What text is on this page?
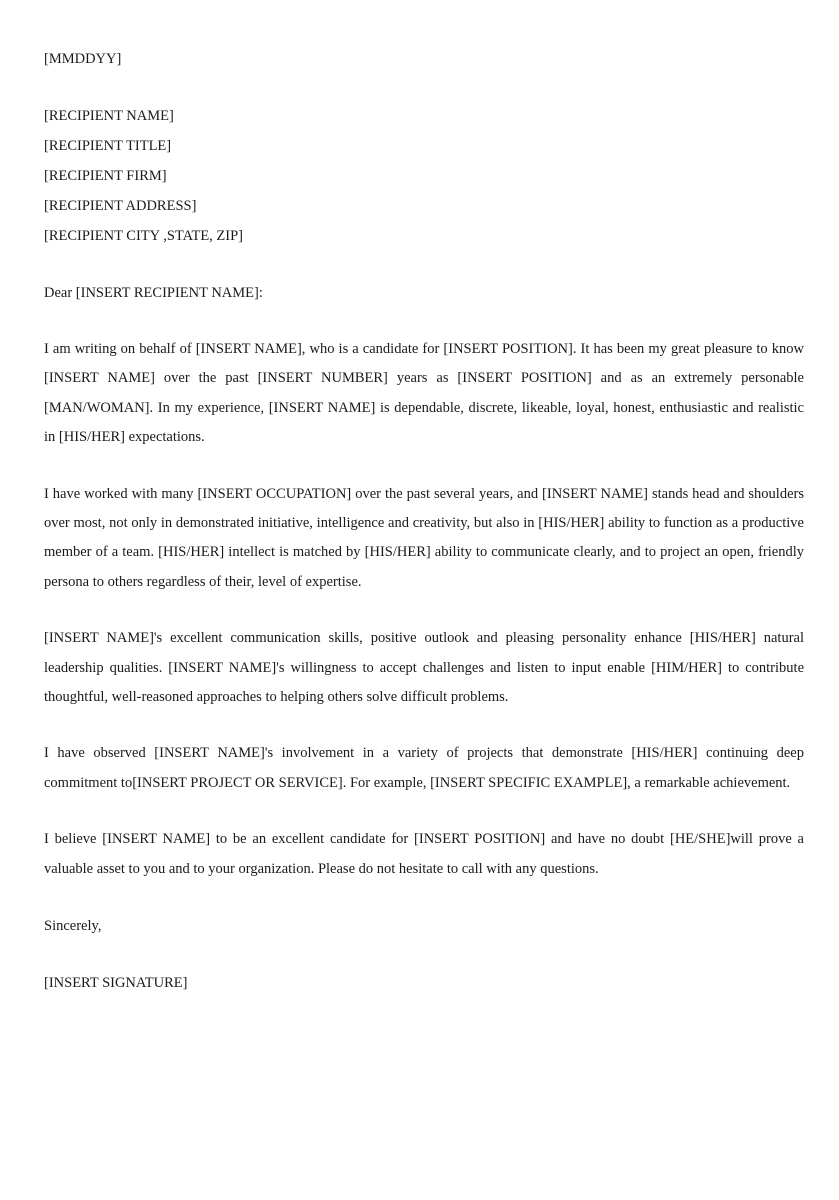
[MMDDYY]

[RECIPIENT NAME]

[RECIPIENT TITLE]

[RECIPIENT FIRM]

[RECIPIENT ADDRESS]

[RECIPIENT CITY ,STATE, ZIP]

Dear [INSERT RECIPIENT NAME]:

I am writing on behalf of [INSERT NAME], who is a candidate for [INSERT POSITION]. It has been my great pleasure to know [INSERT NAME] over the past [INSERT NUMBER] years as [INSERT POSITION] and as an extremely personable [MAN/WOMAN]. In my experience, [INSERT NAME] is dependable, discrete, likeable, loyal, honest, enthusiastic and realistic in [HIS/HER] expectations.

I have worked with many [INSERT OCCUPATION] over the past several years, and [INSERT NAME] stands head and shoulders over most, not only in demonstrated initiative, intelligence and creativity, but also in [HIS/HER] ability to function as a productive member of a team. [HIS/HER] intellect is matched by [HIS/HER] ability to communicate clearly, and to project an open, friendly persona to others regardless of their, level of expertise.

[INSERT NAME]'s excellent communication skills, positive outlook and pleasing personality enhance [HIS/HER] natural leadership qualities. [INSERT NAME]'s willingness to accept challenges and listen to input enable [HIM/HER] to contribute thoughtful, well-reasoned approaches to helping others solve difficult problems.

I have observed [INSERT NAME]'s involvement in a variety of projects that demonstrate [HIS/HER] continuing deep commitment to[INSERT PROJECT OR SERVICE]. For example, [INSERT SPECIFIC EXAMPLE], a remarkable achievement.

I believe [INSERT NAME] to be an excellent candidate for [INSERT POSITION] and have no doubt [HE/SHE]will prove a valuable asset to you and to your organization. Please do not hesitate to call with any questions.

Sincerely,

[INSERT SIGNATURE]
